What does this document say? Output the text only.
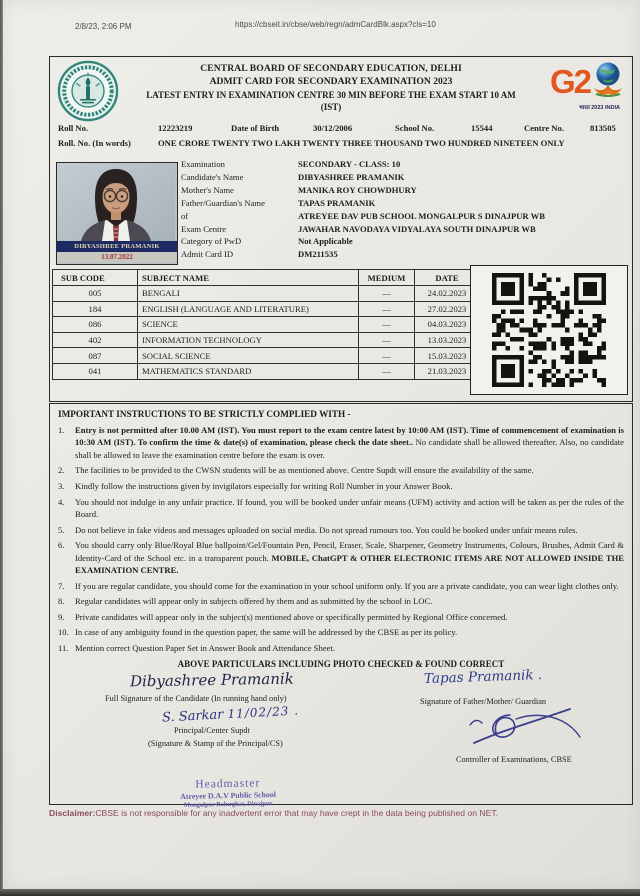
2/8/23, 2:06 PM	https://cbseit.in/cbse/web/regn/admCardBlk.aspx?cls=10
CENTRAL BOARD OF SECONDARY EDUCATION, DELHI
ADMIT CARD FOR SECONDARY EXAMINATION 2023
LATEST ENTRY IN EXAMINATION CENTRE 30 MIN BEFORE THE EXAM START 10 AM
(IST)
G2
भारत 2023 INDIA
Roll No.	12223219	Date of Birth	30/12/2006	School No.	15544	Centre No.	813505
Roll. No. (In words)	ONE CRORE TWENTY TWO LAKH TWENTY THREE THOUSAND TWO HUNDRED NINETEEN ONLY
DIBYASHREE PRAMANIK
13.07.2022
Examination	SECONDARY - CLASS: 10
Candidate's Name	DIBYASHREE PRAMANIK
Mother's Name	MANIKA ROY CHOWDHURY
Father/Guardian's Name	TAPAS PRAMANIK
of	ATREYEE DAV PUB SCHOOL MONGALPUR S DINAJPUR WB
Exam Centre	JAWAHAR NAVODAYA VIDYALAYA SOUTH DINAJPUR WB
Category of PwD	Not Applicable
Admit Card ID	DM211535
SUB CODE	SUBJECT NAME	MEDIUM	DATE
005	BENGALI	—	24.02.2023
184	ENGLISH (LANGUAGE AND LITERATURE)	—	27.02.2023
086	SCIENCE	—	04.03.2023
402	INFORMATION TECHNOLOGY	—	13.03.2023
087	SOCIAL SCIENCE	—	15.03.2023
041	MATHEMATICS STANDARD	—	21.03.2023
IMPORTANT INSTRUCTIONS TO BE STRICTLY COMPLIED WITH -
1.	Entry is not permitted after 10.00 AM (IST). You must report to the exam centre latest by 10:00 AM (IST). Time of commencement of examination is 10:30 AM (IST). To confirm the time & date(s) of examination, please check the date sheet.. No candidate shall be allowed thereafter. Also, no candidate shall be allowed to leave the examination centre before the exam is over.
2.	The facilities to be provided to the CWSN students will be as mentioned above. Centre Supdt will ensure the availability of the same.
3.	Kindly follow the instructions given by invigilators especially for writing Roll Number in your Answer Book.
4.	You should not indulge in any unfair practice. If found, you will be booked under unfair means (UFM) activity and action will be taken as per the rules of the Board.
5.	Do not believe in fake videos and messages uploaded on social media. Do not spread rumours too. You could be booked under unfair means rules.
6.	You should carry only Blue/Royal Blue ballpoint/Gel/Fountain Pen, Pencil, Eraser, Scale, Sharpener, Geometry Instruments, Colours, Brushes, Admit Card & Identity-Card of the School etc. in a transparent pouch. MOBILE, ChatGPT & OTHER ELECTRONIC ITEMS ARE NOT ALLOWED INSIDE THE EXAMINATION CENTRE.
7.	If you are regular candidate, you should come for the examination in your school uniform only. If you are a private candidate, you can wear light clothes only.
8.	Regular candidates will appear only in subjects offered by them and as submitted by the school in LOC.
9.	Private candidates will appear only in the subject(s) mentioned above or specifically permitted by Regional Office concerned.
10. In case of any ambiguity found in the question paper, the same will be addressed by the CBSE as per its policy.
11. Mention correct Question Paper Set in Answer Book and Attendance Sheet.
ABOVE PARTICULARS INCLUDING PHOTO CHECKED & FOUND CORRECT
Dibyashree Pramanik
Full Signature of the Candidate (In running hand only)
Tapas Pramanik .
Signature of Father/Mother/ Guardian
S. Sarkar 11/02/23 .
Principal/Center Supdt
(Signature & Stamp of the Principal/CS)
Controller of Examinations, CBSE
Headmaster
Atreyee D.A.V Public School
Mongalpur Balurghat, Dinajpur
Disclaimer:CBSE is not responsible for any inadvertent error that may have crept in the data being published on NET.
